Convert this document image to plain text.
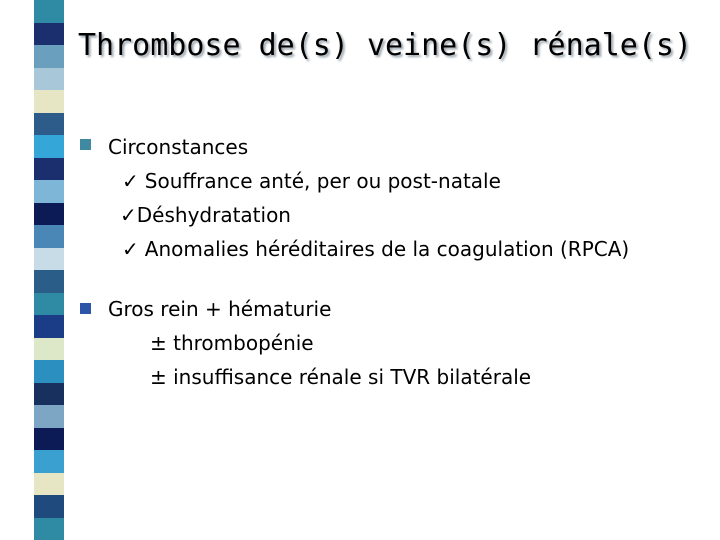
Thrombose de(s) veine(s) rénale(s)
Circonstances
✓ Souffrance anté, per ou post-natale
✓Déshydratation
✓ Anomalies héréditaires de la coagulation (RPCA)
Gros rein + hématurie
± thrombopénie
± insuffisance rénale si TVR bilatérale
